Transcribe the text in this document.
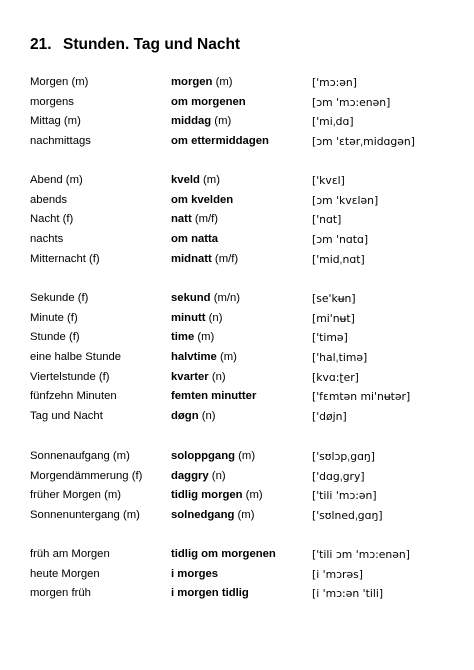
21. Stunden. Tag und Nacht
Morgen (m)	morgen (m)	['mɔ:ən]
morgens	om morgenen	[ɔm 'mɔ:enən]
Mittag (m)	middag (m)	['miˌdɑ]
nachmittags	om ettermiddagen	[ɔm 'ɛtərˌmidɑgən]
Abend (m)	kveld (m)	['kvɛl]
abends	om kvelden	[ɔm 'kvɛlən]
Nacht (f)	natt (m/f)	['nɑt]
nachts	om natta	[ɔm 'nɑtɑ]
Mitternacht (f)	midnatt (m/f)	['midˌnɑt]
Sekunde (f)	sekund (m/n)	[se'kʉn]
Minute (f)	minutt (n)	[mi'nʉt]
Stunde (f)	time (m)	['timə]
eine halbe Stunde	halvtime (m)	['halˌtimə]
Viertelstunde (f)	kvarter (n)	[kvɑ:ʈer]
fünfzehn Minuten	femten minutter	['fɛmtən mi'nʉtər]
Tag und Nacht	døgn (n)	['døjn]
Sonnenaufgang (m)	soloppgang (m)	['sʊlɔpˌgɑŋ]
Morgendämmerung (f)	daggry (n)	['dɑgˌgry]
früher Morgen (m)	tidlig morgen (m)	['tili 'mɔ:ən]
Sonnenuntergang (m)	solnedgang (m)	['sʊlnedˌgɑŋ]
früh am Morgen	tidlig om morgenen	['tili ɔm 'mɔ:enən]
heute Morgen	i morges	[i 'mɔrəs]
morgen früh	i morgen tidlig	[i 'mɔ:ən 'tili]
